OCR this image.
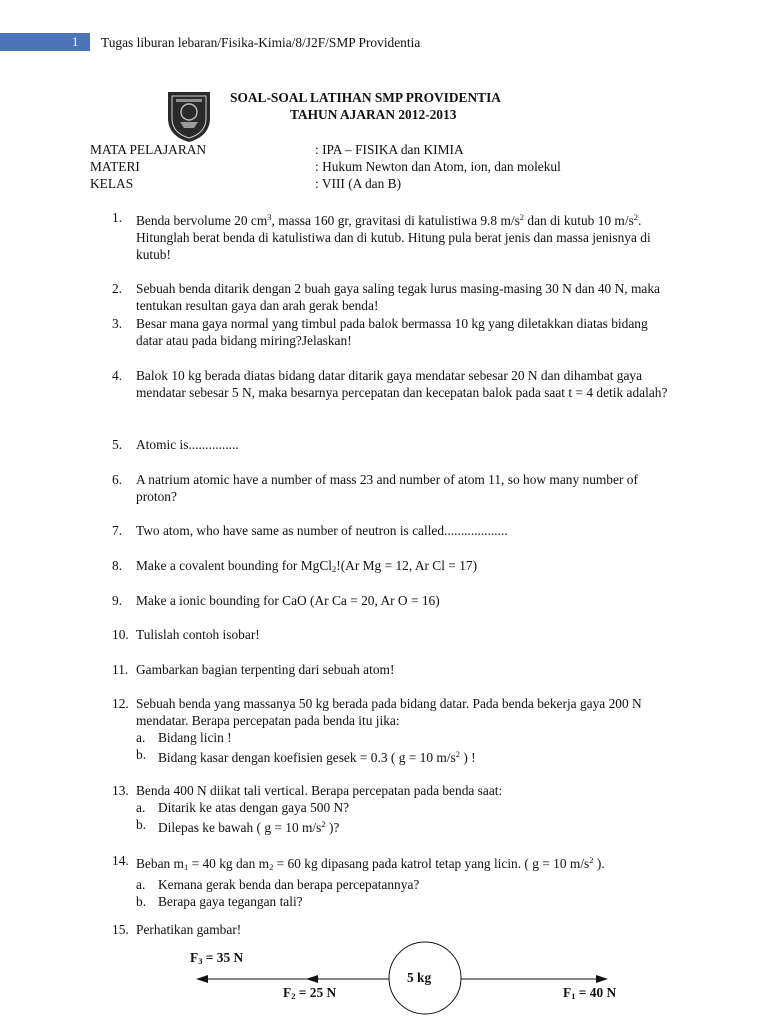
1 Tugas liburan lebaran/Fisika-Kimia/8/J2F/SMP Providentia
SOAL-SOAL LATIHAN SMP PROVIDENTIA
TAHUN AJARAN 2012-2013
MATA PELAJARAN	: IPA – FISIKA dan KIMIA
MATERI	: Hukum Newton dan Atom, ion, dan molekul
KELAS	: VIII (A dan B)
1. Benda bervolume 20 $cm^3$, massa 160 gr, gravitasi di katulistiwa 9.8 $m/s^2$ dan di kutub 10 $m/s^2$. Hitunglah berat benda di katulistiwa dan di kutub. Hitung pula berat jenis dan massa jenisnya di kutub!
2. Sebuah benda ditarik dengan 2 buah gaya saling tegak lurus masing-masing 30 N dan 40 N, maka tentukan resultan gaya dan arah gerak benda!
3. Besar mana gaya normal yang timbul pada balok bermassa 10 kg yang diletakkan diatas bidang datar atau pada bidang miring?Jelaskan!
4. Balok 10 kg berada diatas bidang datar ditarik gaya mendatar sebesar 20 N dan dihambat gaya mendatar sebesar 5 N, maka besarnya percepatan dan kecepatan balok pada saat t = 4 detik adalah?
5. Atomic is...............
6. A natrium atomic have a number of mass 23 and number of atom 11, so how many number of proton?
7. Two atom, who have same as number of neutron is called...................
8. Make a covalent bounding for MgCl$_2$!(Ar Mg = 12, Ar Cl = 17)
9. Make a ionic bounding for CaO (Ar Ca = 20, Ar O = 16)
10. Tulislah contoh isobar!
11. Gambarkan bagian terpenting dari sebuah atom!
12. Sebuah benda yang massanya 50 kg berada pada bidang datar. Pada benda bekerja gaya 200 N mendatar. Berapa percepatan pada benda itu jika:
a. Bidang licin !
b. Bidang kasar dengan koefisien gesek = 0.3 ( g = 10 $m/s^2$ ) !
13. Benda 400 N diikat tali vertical. Berapa percepatan pada benda saat:
a. Ditarik ke atas dengan gaya 500 N?
b. Dilepas ke bawah ( g = 10 $m/s^2$ )?
14. Beban $m_1 = 40$ kg dan $m_2 = 60$ kg dipasang pada katrol tetap yang licin. ( g = 10 $m/s^2$ ).
a. Kemana gerak benda dan berapa percepatannya?
b. Berapa gaya tegangan tali?
15. Perhatikan gambar!
5 kg
$F_3 = 35$ N
$F_2 = 25$ N	$F_1 = 40$ N
